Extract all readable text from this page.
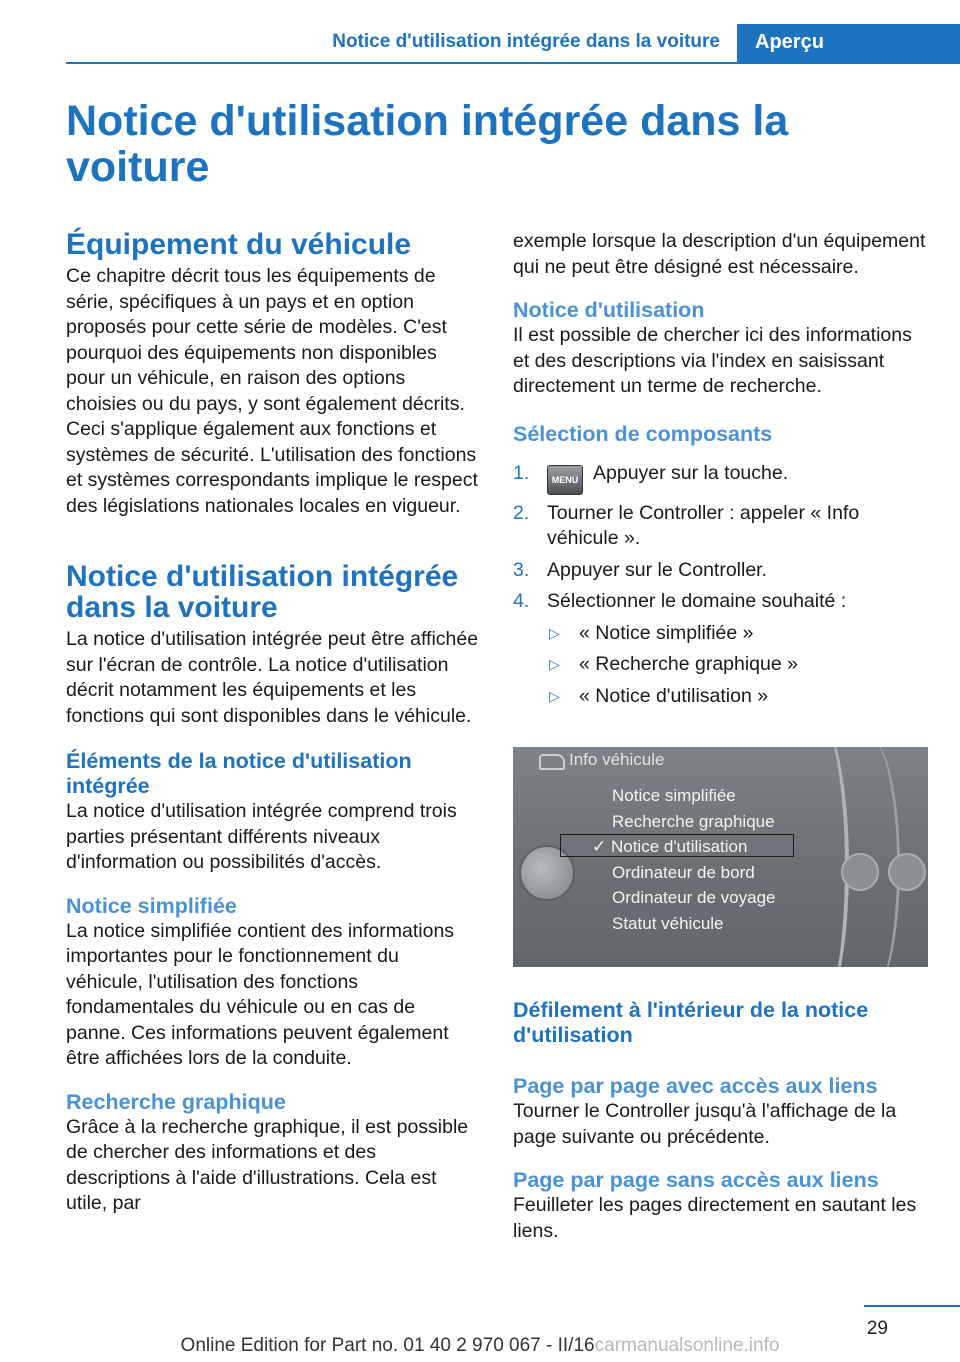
Notice d'utilisation intégrée dans la voiture	Aperçu
Notice d'utilisation intégrée dans la voiture
Équipement du véhicule

Ce chapitre décrit tous les équipements de série, spécifiques à un pays et en option proposés pour cette série de modèles. C'est pourquoi des équipements non disponibles pour un véhicule, en raison des options choisies ou du pays, y sont également décrits. Ceci s'applique également aux fonctions et systèmes de sécurité. L'utilisation des fonctions et systèmes correspondants implique le respect des législations nationales locales en vigueur.

Notice d'utilisation intégrée dans la voiture

La notice d'utilisation intégrée peut être affichée sur l'écran de contrôle. La notice d'utilisation décrit notamment les équipements et les fonctions qui sont disponibles dans le véhicule.

Éléments de la notice d'utilisation intégrée

La notice d'utilisation intégrée comprend trois parties présentant différents niveaux d'information ou possibilités d'accès.

Notice simplifiée

La notice simplifiée contient des informations importantes pour le fonctionnement du véhicule, l'utilisation des fonctions fondamentales du véhicule ou en cas de panne. Ces informations peuvent également être affichées lors de la conduite.

Recherche graphique

Grâce à la recherche graphique, il est possible de chercher des informations et des descriptions à l'aide d'illustrations. Cela est utile, par

exemple lorsque la description d'un équipement qui ne peut être désigné est nécessaire.

Notice d'utilisation

Il est possible de chercher ici des informations et des descriptions via l'index en saisissant directement un terme de recherche.

Sélection de composants
1. MENU Appuyer sur la touche.
2. Tourner le Controller : appeler « Info véhicule ».
3. Appuyer sur le Controller.
4. Sélectionner le domaine souhaité :
▷ « Notice simplifiée »
▷ « Recherche graphique »
▷ « Notice d'utilisation »
Info véhicule
Notice simplifiée
Recherche graphique
✓ Notice d'utilisation
Ordinateur de bord
Ordinateur de voyage
Statut véhicule
Défilement à l'intérieur de la notice d'utilisation
Page par page avec accès aux liens

Tourner le Controller jusqu'à l'affichage de la page suivante ou précédente.

Page par page sans accès aux liens

Feuilleter les pages directement en sautant les liens.

29
Online Edition for Part no. 01 40 2 970 067 - II/16carmanualsonline.info
